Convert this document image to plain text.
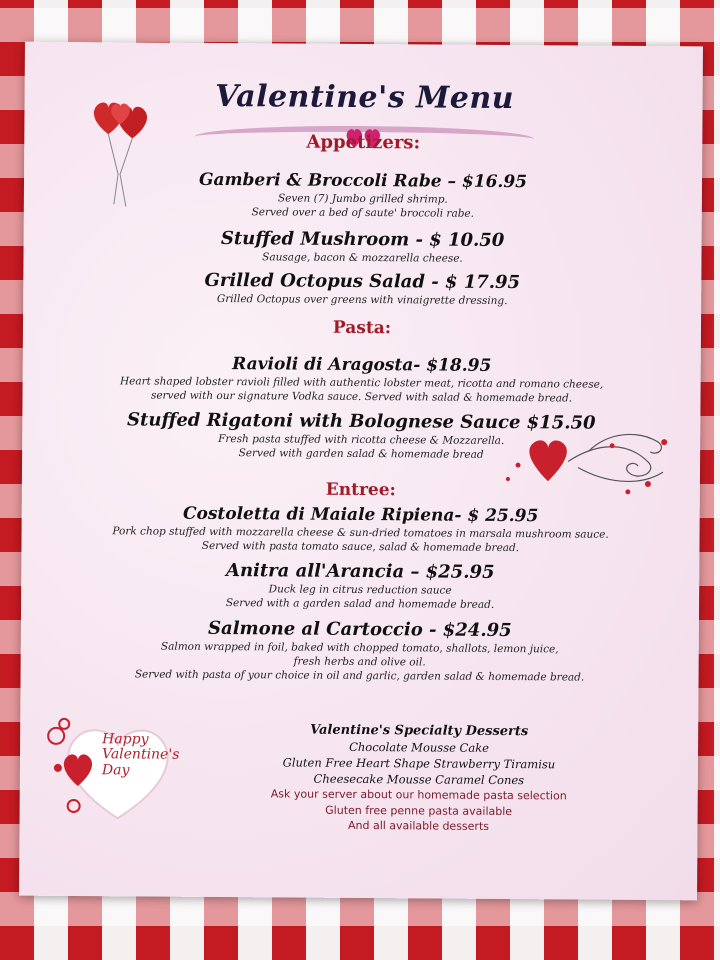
Valentine's Menu
Appetizers:
Gamberi & Broccoli Rabe – $16.95
Seven (7) Jumbo grilled shrimp.
Served over a bed of saute' broccoli rabe.
Stuffed Mushroom - $ 10.50
Sausage, bacon & mozzarella cheese.
Grilled Octopus Salad - $ 17.95
Grilled Octopus over greens with vinaigrette dressing.
Pasta:
Ravioli di Aragosta- $18.95
Heart shaped lobster ravioli filled with authentic lobster meat, ricotta and romano cheese,
served with our signature Vodka sauce. Served with salad & homemade bread.
Stuffed Rigatoni with Bolognese Sauce $15.50
Fresh pasta stuffed with ricotta cheese & Mozzarella.
Served with garden salad & homemade bread
Entree:
Costoletta di Maiale Ripiena- $ 25.95
Pork chop stuffed with mozzarella cheese & sun-dried tomatoes in marsala mushroom sauce.
Served with pasta tomato sauce, salad & homemade bread.
Anitra all'Arancia – $25.95
Duck leg in citrus reduction sauce
Served with a garden salad and homemade bread.
Salmone al Cartoccio - $24.95
Salmon wrapped in foil, baked with chopped tomato, shallots, lemon juice,
fresh herbs and olive oil.
Served with pasta of your choice in oil and garlic, garden salad & homemade bread.
Happy
Valentine's
Day
Valentine's Specialty Desserts
Chocolate Mousse Cake
Gluten Free Heart Shape Strawberry Tiramisu
Cheesecake Mousse Caramel Cones
Ask your server about our homemade pasta selection
Gluten free penne pasta available
And all available desserts
